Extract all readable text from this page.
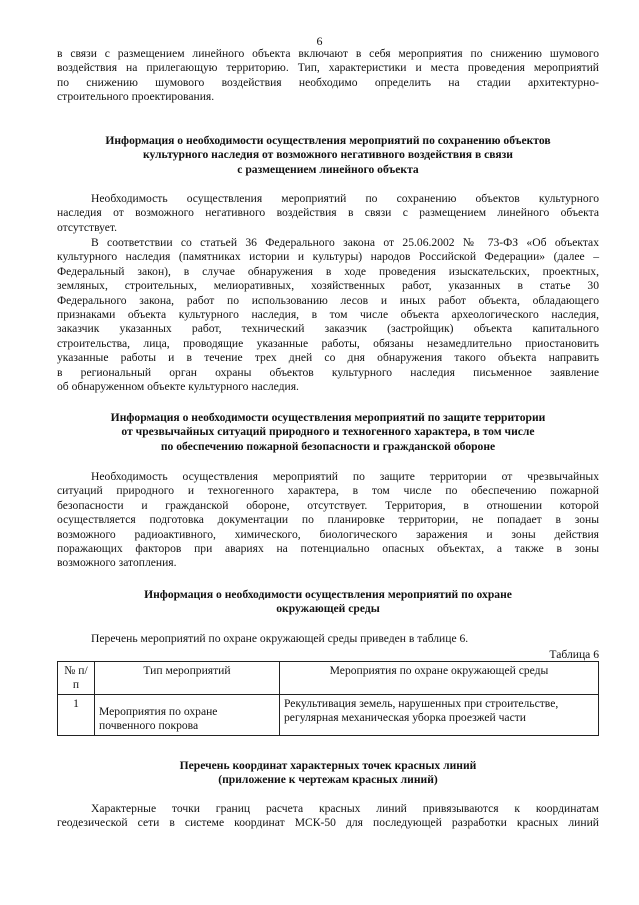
6
в связи с размещением линейного объекта включают в себя мероприятия по снижению шумового
воздействия на прилегающую территорию. Тип, характеристики и места проведения мероприятий
по снижению шумового воздействия необходимо определить на стадии архитектурно-
строительного проектирования.
Информация о необходимости осуществления мероприятий по сохранению объектов
культурного наследия от возможного негативного воздействия в связи
с размещением линейного объекта
Необходимость осуществления мероприятий по сохранению объектов культурного
наследия от возможного негативного воздействия в связи с размещением линейного объекта
отсутствует.
В соответствии со статьей 36 Федерального закона от 25.06.2002 № 73-ФЗ «Об объектах
культурного наследия (памятниках истории и культуры) народов Российской Федерации» (далее –
Федеральный закон), в случае обнаружения в ходе проведения изыскательских, проектных,
земляных, строительных, мелиоративных, хозяйственных работ, указанных в статье 30
Федерального закона, работ по использованию лесов и иных работ объекта, обладающего
признаками объекта культурного наследия, в том числе объекта археологического наследия,
заказчик указанных работ, технический заказчик (застройщик) объекта капитального
строительства, лица, проводящие указанные работы, обязаны незамедлительно приостановить
указанные работы и в течение трех дней со дня обнаружения такого объекта направить
в региональный орган охраны объектов культурного наследия письменное заявление
об обнаруженном объекте культурного наследия.
Информация о необходимости осуществления мероприятий по защите территории
от чрезвычайных ситуаций природного и техногенного характера, в том числе
по обеспечению пожарной безопасности и гражданской обороне
Необходимость осуществления мероприятий по защите территории от чрезвычайных
ситуаций природного и техногенного характера, в том числе по обеспечению пожарной
безопасности и гражданской обороне, отсутствует. Территория, в отношении которой
осуществляется подготовка документации по планировке территории, не попадает в зоны
возможного радиоактивного, химического, биологического заражения и зоны действия
поражающих факторов при авариях на потенциально опасных объектах, а также в зоны
возможного затопления.
Информация о необходимости осуществления мероприятий по охране
окружающей среды
Перечень мероприятий по охране окружающей среды приведен в таблице 6.
Таблица 6
№ п/п	Тип мероприятий	Мероприятия по охране окружающей среды
1	Мероприятия по охране почвенного покрова	Рекультивация земель, нарушенных при строительстве, регулярная механическая уборка проезжей части
Перечень координат характерных точек красных линий
(приложение к чертежам красных линий)
Характерные точки границ расчета красных линий привязываются к координатам
геодезической сети в системе координат МСК-50 для последующей разработки красных линий
